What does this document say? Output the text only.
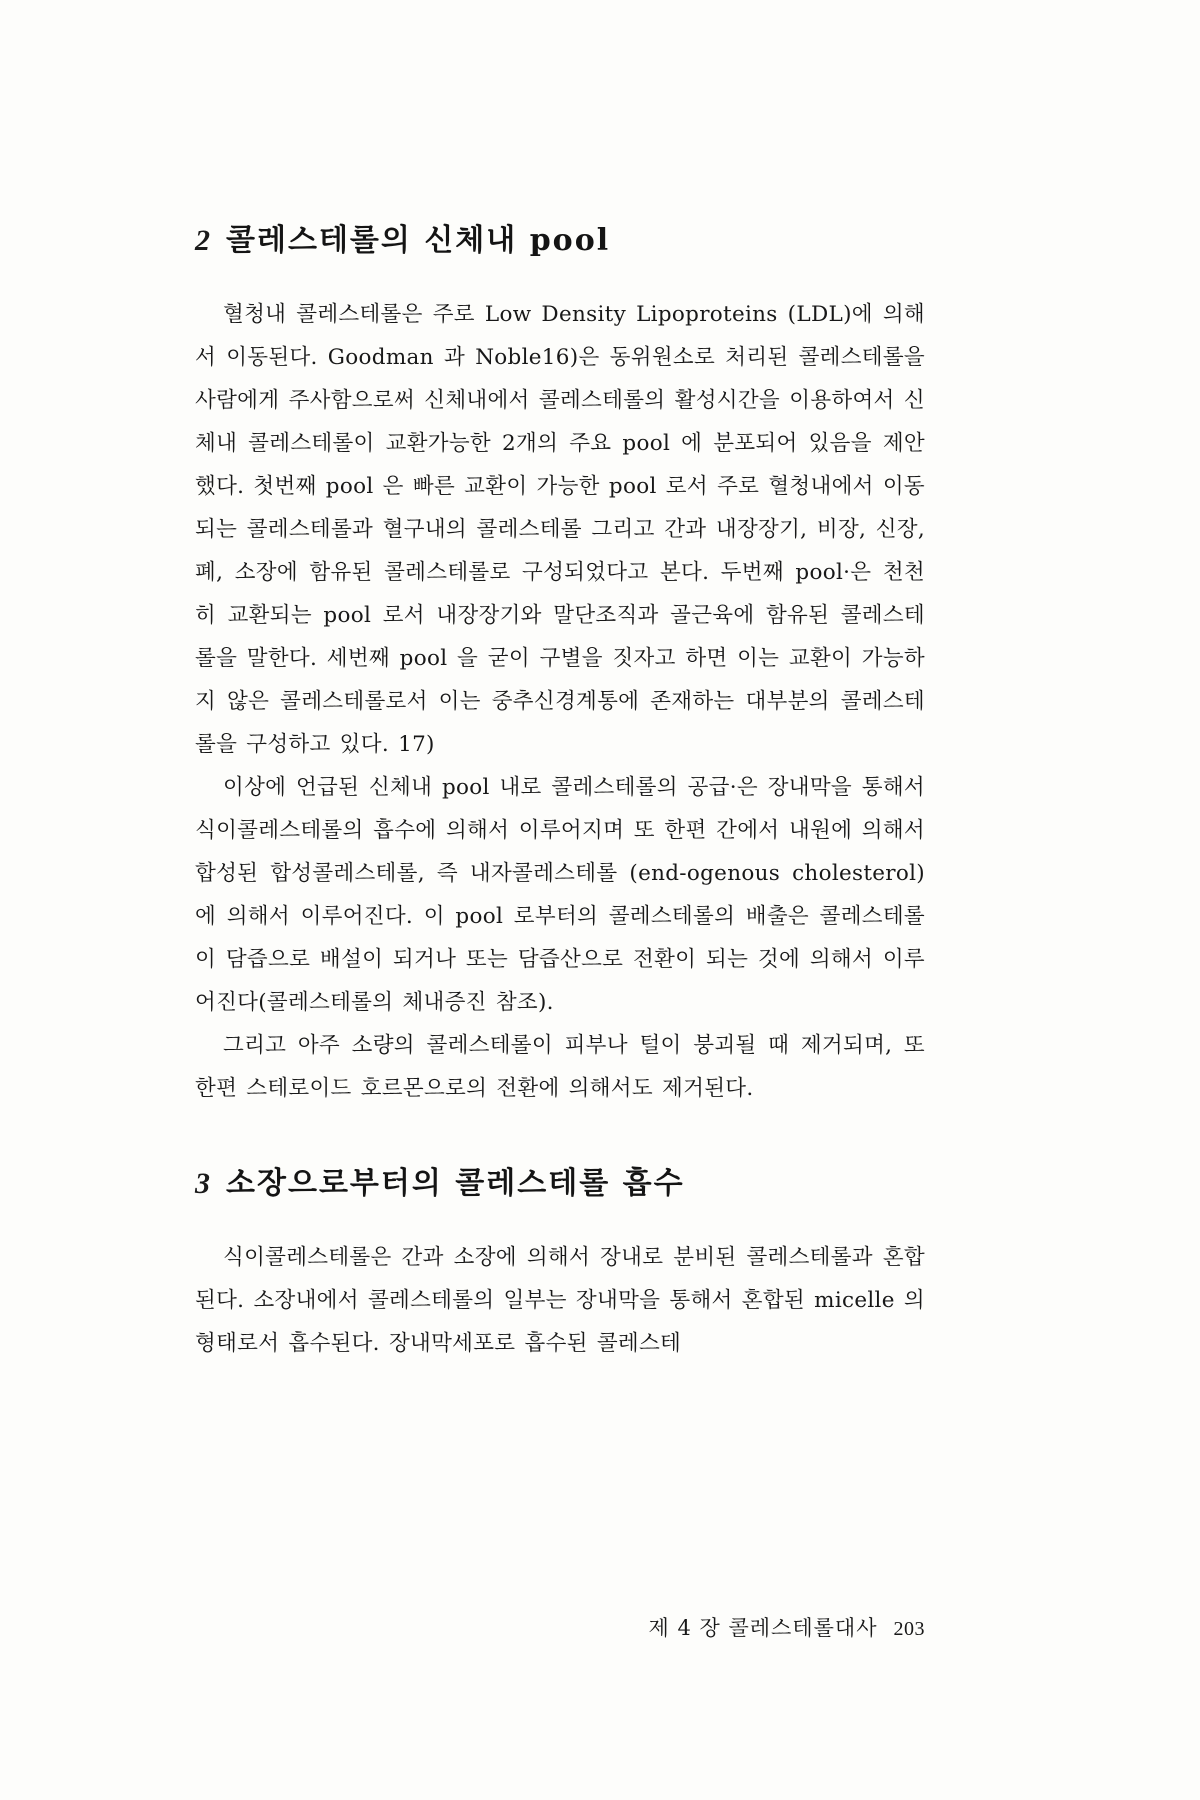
2 콜레스테롤의 신체내 pool

혈청내 콜레스테롤은 주로 Low Density Lipoproteins (LDL)에 의해서 이동된다. Goodman 과 Noble16)은 동위원소로 처리된 콜레스테롤을 사람에게 주사함으로써 신체내에서 콜레스테롤의 활성시간을 이용하여서 신체내 콜레스테롤이 교환가능한 2개의 주요 pool 에 분포되어 있음을 제안했다. 첫번째 pool 은 빠른 교환이 가능한 pool 로서 주로 혈청내에서 이동되는 콜레스테롤과 혈구내의 콜레스테롤 그리고 간과 내장장기, 비장, 신장, 폐, 소장에 함유된 콜레스테롤로 구성되었다고 본다. 두번째 pool·은 천천히 교환되는 pool 로서 내장장기와 말단조직과 골근육에 함유된 콜레스테롤을 말한다. 세번째 pool 을 굳이 구별을 짓자고 하면 이는 교환이 가능하지 않은 콜레스테롤로서 이는 중추신경계통에 존재하는 대부분의 콜레스테롤을 구성하고 있다. 17)

이상에 언급된 신체내 pool 내로 콜레스테롤의 공급·은 장내막을 통해서 식이콜레스테롤의 흡수에 의해서 이루어지며 또 한편 간에서 내원에 의해서 합성된 합성콜레스테롤, 즉 내자콜레스테롤 (end-ogenous cholesterol)에 의해서 이루어진다. 이 pool 로부터의 콜레스테롤의 배출은 콜레스테롤이 담즙으로 배설이 되거나 또는 담즙산으로 전환이 되는 것에 의해서 이루어진다(콜레스테롤의 체내증진 참조).

그리고 아주 소량의 콜레스테롤이 피부나 털이 붕괴될 때 제거되며, 또 한편 스테로이드 호르몬으로의 전환에 의해서도 제거된다.

3 소장으로부터의 콜레스테롤 흡수

식이콜레스테롤은 간과 소장에 의해서 장내로 분비된 콜레스테롤과 혼합된다. 소장내에서 콜레스테롤의 일부는 장내막을 통해서 혼합된 micelle 의 형태로서 흡수된다. 장내막세포로 흡수된 콜레스테

제 4 장 콜레스테롤대사 203
